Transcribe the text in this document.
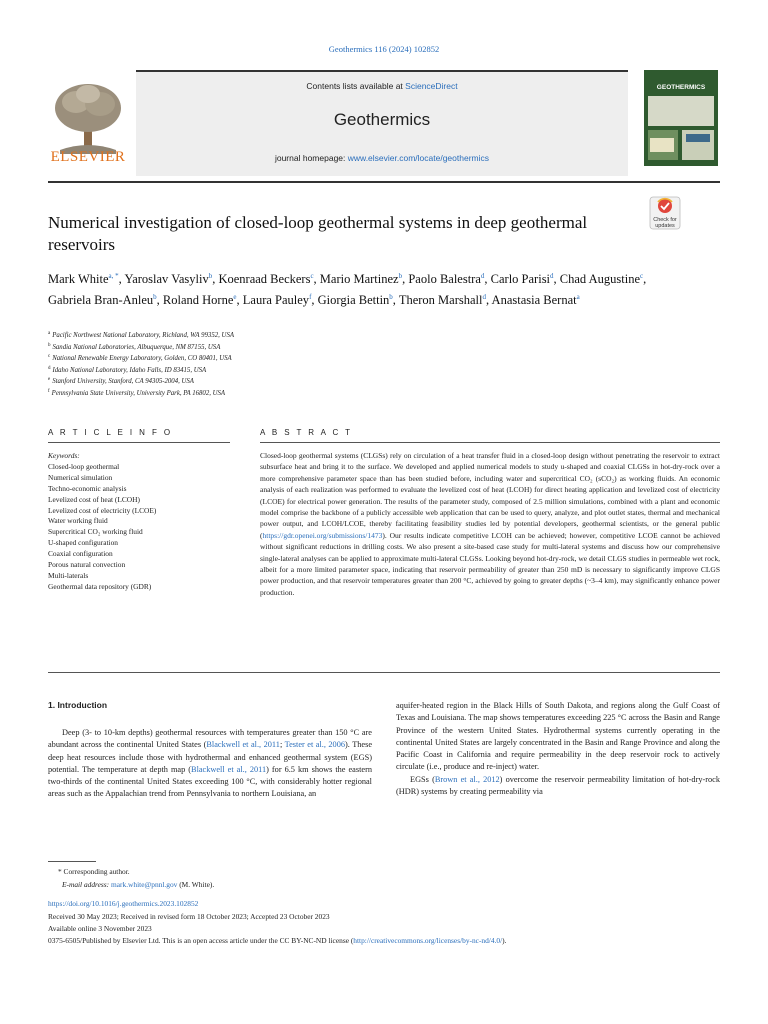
Geothermics 116 (2024) 102852
ELSEVIER
Contents lists available at ScienceDirect
Geothermics
journal homepage: www.elsevier.com/locate/geothermics
GEOTHERMICS
Numerical investigation of closed-loop geothermal systems in deep geothermal reservoirs
Check for
updates
Mark White$^{a, *}$, Yaroslav Vasyliv$^b$, Koenraad Beckers$^c$, Mario Martinez$^b$, Paolo Balestra$^d$, Carlo Parisi$^d$, Chad Augustine$^c$, Gabriela Bran-Anleu$^b$, Roland Horne$^e$, Laura Pauley$^f$, Giorgia Bettin$^b$, Theron Marshall$^d$, Anastasia Bernat$^a$
$^a$ Pacific Northwest National Laboratory, Richland, WA 99352, USA
$^b$ Sandia National Laboratories, Albuquerque, NM 87155, USA
$^c$ National Renewable Energy Laboratory, Golden, CO 80401, USA
$^d$ Idaho National Laboratory, Idaho Falls, ID 83415, USA
$^e$ Stanford University, Stanford, CA 94305-2004, USA
$^f$ Pennsylvania State University, University Park, PA 16802, USA
A R T I C L E I N F O	A B S T R A C T
Keywords:
Closed-loop geothermal
Numerical simulation
Techno-economic analysis
Levelized cost of heat (LCOH)
Levelized cost of electricity (LCOE)
Water working fluid
Supercritical CO₂ working fluid
U-shaped configuration
Coaxial configuration
Porous natural convection
Multi-laterals
Geothermal data repository (GDR)
Closed-loop geothermal systems (CLGSs) rely on circulation of a heat transfer fluid in a closed-loop design without penetrating the reservoir to extract subsurface heat and bring it to the surface. We developed and applied numerical models to study u-shaped and coaxial CLGSs in hot-dry-rock over a more comprehensive parameter space than has been studied before, including water and supercritical CO₂ (sCO₂) as working fluids. An economic analysis of each realization was performed to evaluate the levelized cost of heat (LCOH) for direct heating application and levelized cost of electricity (LCOE) for electrical power generation. The results of the parameter study, composed of 2.5 million simulations, combined with a plant and economic model comprise the backbone of a publicly accessible web application that can be used to query, analyze, and plot outlet states, thermal and mechanical power output, and LCOH/LCOE, thereby facilitating feasibility studies led by potential developers, geothermal scientists, or the general public (https://gdr.openei.org/submissions/1473). Our results indicate competitive LCOH can be achieved; however, competitive LCOE cannot be achieved without significant reductions in drilling costs. We also present a site-based case study for multi-lateral systems and discuss how our comprehensive single-lateral analyses can be applied to approximate multi-lateral CLGSs. Looking beyond hot-dry-rock, we detail CLGS studies in permeable wet rock, albeit for a more limited parameter space, indicating that reservoir permeability of greater than 250 mD is necessary to significantly improve CLGS power production, and that reservoir temperatures greater than 200 °C, achieved by going to greater depths (~3–4 km), may significantly enhance power production.
1. Introduction

Deep (3- to 10-km depths) geothermal resources with temperatures greater than 150 °C are abundant across the continental United States (Blackwell et al., 2011; Tester et al., 2006). These deep heat resources include those with hydrothermal and enhanced geothermal system (EGS) potential. The temperature at depth map (Blackwell et al., 2011) for 6.5 km shows the eastern two-thirds of the continental United States exceeding 100 °C, with considerably hotter regional areas such as the Appalachian trend from Pennsylvania to northern Louisiana, an

aquifer-heated region in the Black Hills of South Dakota, and regions along the Gulf Coast of Texas and Louisiana. The map shows temperatures exceeding 225 °C across the Basin and Range Province of the western United States. Hydrothermal systems currently operating in the continental United States are largely concentrated in the Basin and Range Province and along the Pacific Coast in California and require permeability in the deep reservoir rock to actively circulate (i.e., produce and re-inject) water.

EGSs (Brown et al., 2012) overcome the reservoir permeability limitation of hot-dry-rock (HDR) systems by creating permeability via

* Corresponding author.
E-mail address: mark.white@pnnl.gov (M. White).
https://doi.org/10.1016/j.geothermics.2023.102852
Received 30 May 2023; Received in revised form 18 October 2023; Accepted 23 October 2023
Available online 3 November 2023
0375-6505/Published by Elsevier Ltd. This is an open access article under the CC BY-NC-ND license (http://creativecommons.org/licenses/by-nc-nd/4.0/).
